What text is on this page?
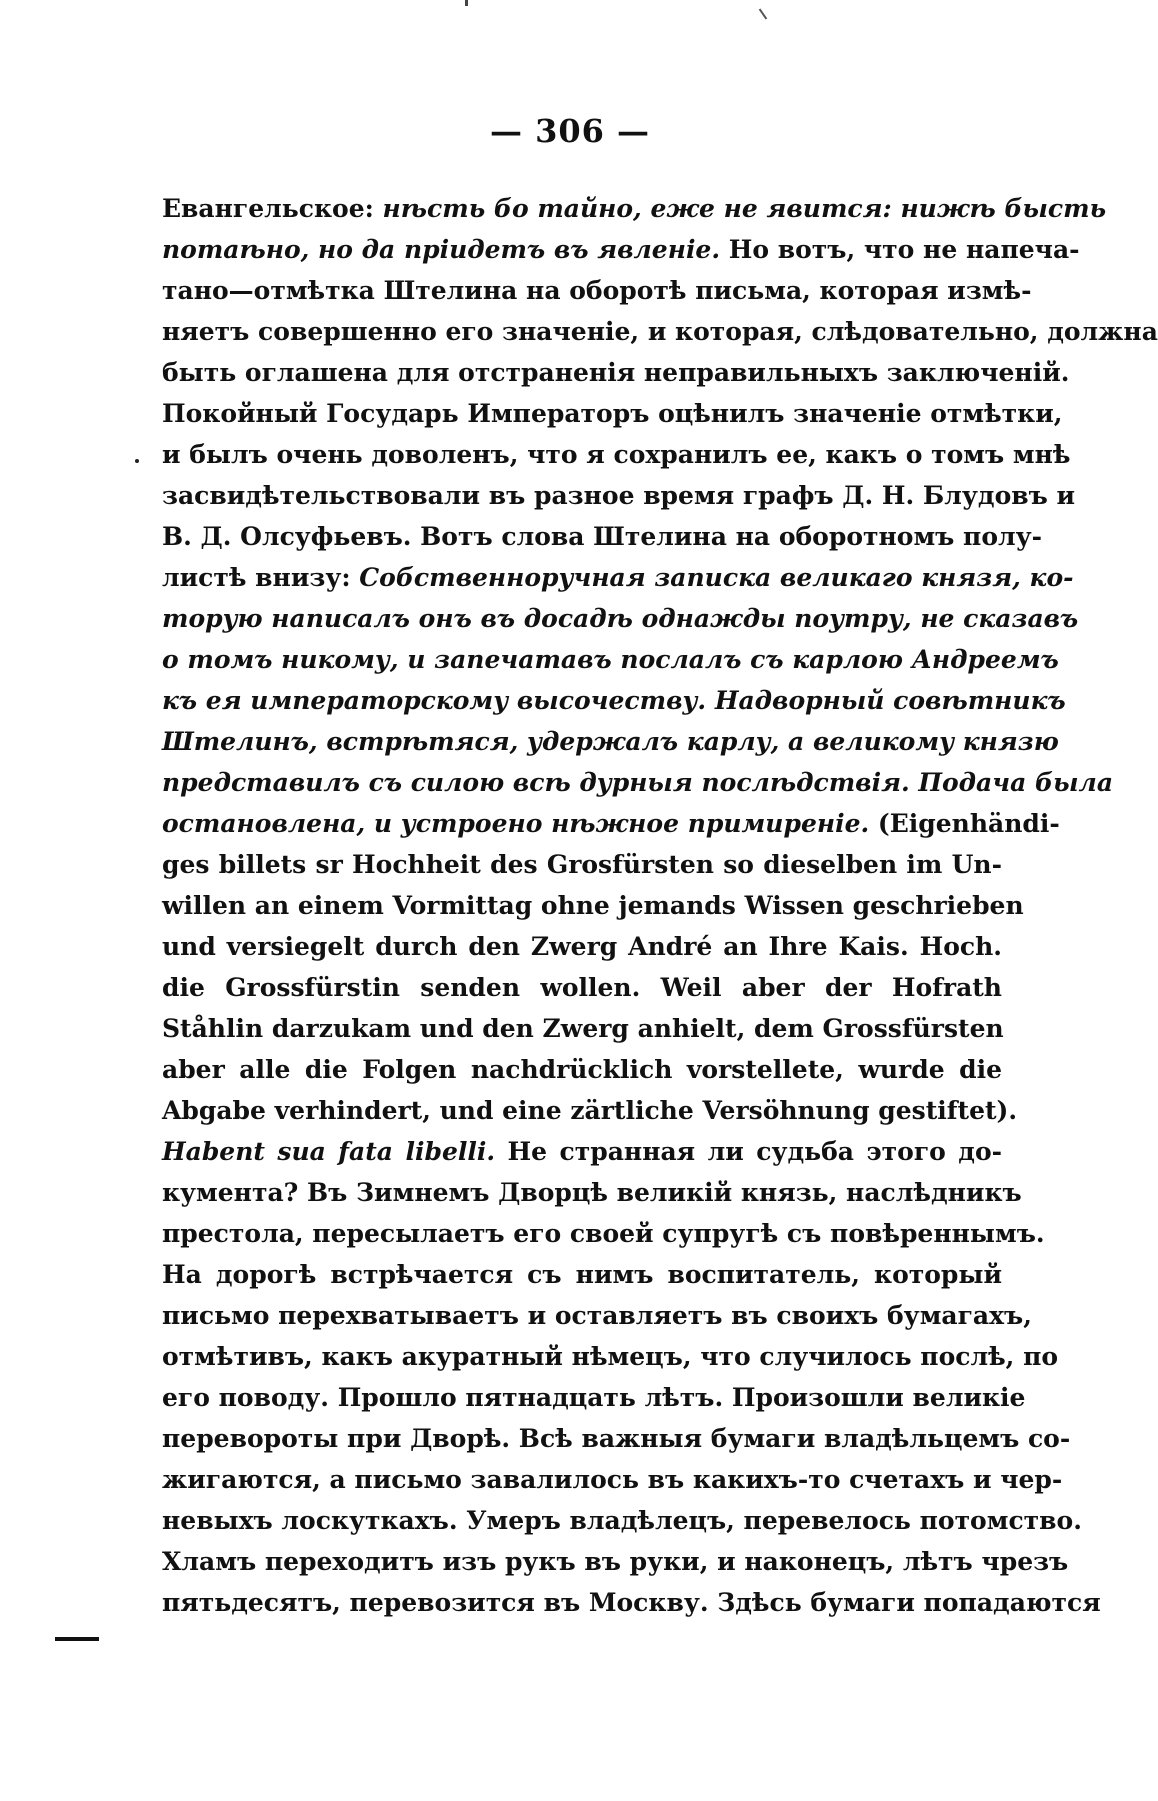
— 306 —
Евангельское: нѣсть бо тайно, еже не явится: нижѣ бысть
потаѣно, но да пріидетъ въ явленіе. Но вотъ, что не напеча-
тано—отмѣтка Штелина на оборотѣ письма, которая измѣ-
няетъ совершенно его значеніе, и которая, слѣдовательно, должна
быть оглашена для отстраненія неправильныхъ заключеній.
Покойный Государь Императоръ оцѣнилъ значеніе отмѣтки,
и былъ очень доволенъ, что я сохранилъ ее, какъ о томъ мнѣ
засвидѣтельствовали въ разное время графъ Д. Н. Блудовъ и
В. Д. Олсуфьевъ. Вотъ слова Штелина на оборотномъ полу-
листѣ внизу: Собственноручная записка великаго князя, ко-
торую написалъ онъ въ досадѣ однажды поутру, не сказавъ
о томъ никому, и запечатавъ послалъ съ карлою Андреемъ
къ ея императорскому высочеству. Надворный совѣтникъ
Штелинъ, встрѣтяся, удержалъ карлу, а великому князю
представилъ съ силою всѣ дурныя послѣдствія. Подача была
остановлена, и устроено нѣжное примиреніе. (Eigenhändi-
ges billets sr Hochheit des Grosfürsten so dieselben im Un-
willen an einem Vormittag ohne jemands Wissen geschrieben
und versiegelt durch den Zwerg André an Ihre Kais. Hoch.
die Grossfürstin senden wollen. Weil aber der Hofrath
Ståhlin darzukam und den Zwerg anhielt, dem Grossfürsten
aber alle die Folgen nachdrücklich vorstellete, wurde die
Abgabe verhindert, und eine zärtliche Versöhnung gestiftet).
Habent sua fata libelli. Не странная ли судьба этого до-
кумента? Въ Зимнемъ Дворцѣ великій князь, наслѣдникъ
престола, пересылаетъ его своей супругѣ съ повѣреннымъ.
На дорогѣ встрѣчается съ нимъ воспитатель, который
письмо перехватываетъ и оставляетъ въ своихъ бумагахъ,
отмѣтивъ, какъ акуратный нѣмецъ, что случилось послѣ, по
его поводу. Прошло пятнадцать лѣтъ. Произошли великіе
перевороты при Дворѣ. Всѣ важныя бумаги владѣльцемъ со-
жигаются, а письмо завалилось въ какихъ-то счетахъ и чер-
невыхъ лоскуткахъ. Умеръ владѣлецъ, перевелось потомство.
Хламъ переходитъ изъ рукъ въ руки, и наконецъ, лѣтъ чрезъ
пятьдесятъ, перевозится въ Москву. Здѣсь бумаги попадаются
